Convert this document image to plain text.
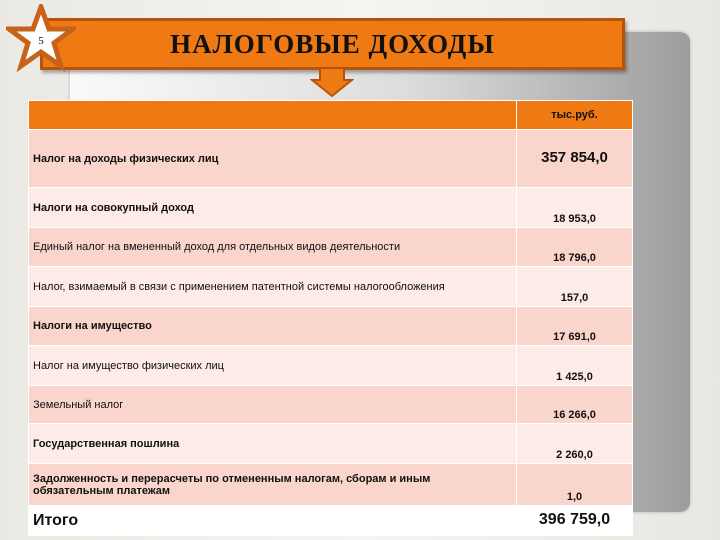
НАЛОГОВЫЕ ДОХОДЫ
5
	тыс.руб.
Налог на доходы физических лиц	357 854,0
Налоги на совокупный доход	18 953,0
Единый налог на вмененный доход для отдельных видов деятельности	18 796,0
Налог, взимаемый в связи с применением патентной системы налогообложения	157,0
Налоги на имущество	17 691,0
Налог на имущество физических лиц	1 425,0
Земельный налог	16 266,0
Государственная пошлина	2 260,0
Задолженность и перерасчеты по отмененным налогам, сборам и иным обязательным платежам	1,0
Итого	396 759,0
